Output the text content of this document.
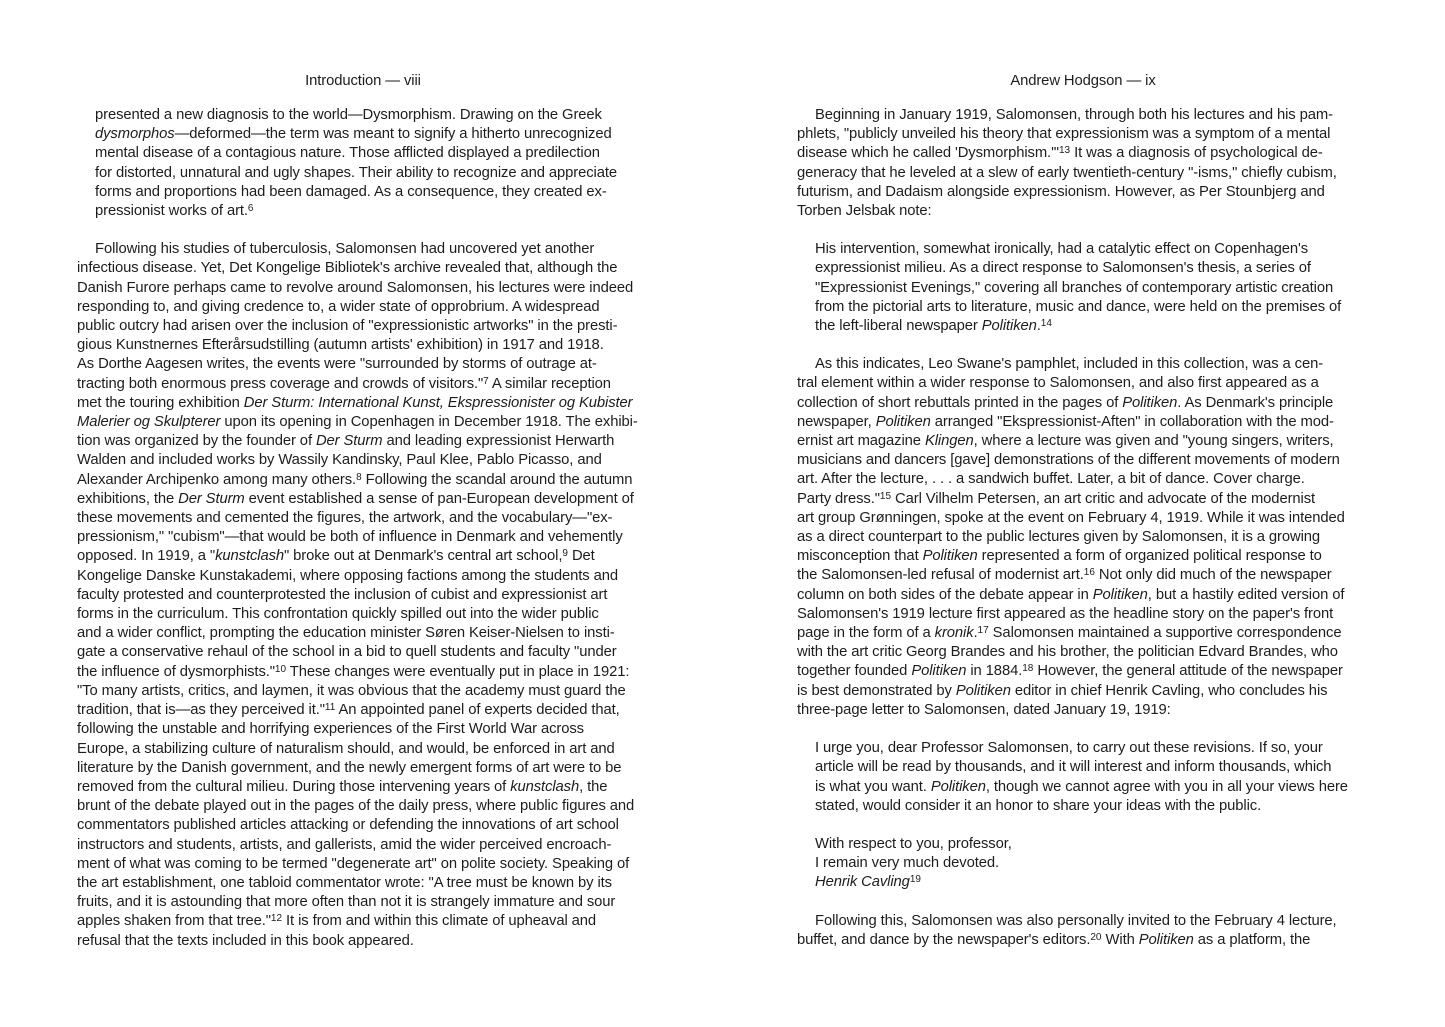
Introduction — viii	Andrew Hodgson — ix

presented a new diagnosis to the world—Dysmorphism. Drawing on the Greek
dysmorphos—deformed—the term was meant to signify a hitherto unrecognized
mental disease of a contagious nature. Those afflicted displayed a predilection
for distorted, unnatural and ugly shapes. Their ability to recognize and appreciate
forms and proportions had been damaged. As a consequence, they created ex-
pressionist works of art.$^6$

Following his studies of tuberculosis, Salomonsen had uncovered yet another
infectious disease. Yet, Det Kongelige Bibliotek's archive revealed that, although the
Danish Furore perhaps came to revolve around Salomonsen, his lectures were indeed
responding to, and giving credence to, a wider state of opprobrium. A widespread
public outcry had arisen over the inclusion of "expressionistic artworks" in the presti-
gious Kunstnernes Efterårsudstilling (autumn artists' exhibition) in 1917 and 1918.
As Dorthe Aagesen writes, the events were "surrounded by storms of outrage at-
tracting both enormous press coverage and crowds of visitors."$^7$ A similar reception
met the touring exhibition Der Sturm: International Kunst, Ekspressionister og Kubister
Malerier og Skulpterer upon its opening in Copenhagen in December 1918. The exhibi-
tion was organized by the founder of Der Sturm and leading expressionist Herwarth
Walden and included works by Wassily Kandinsky, Paul Klee, Pablo Picasso, and
Alexander Archipenko among many others.$^8$ Following the scandal around the autumn
exhibitions, the Der Sturm event established a sense of pan-European development of
these movements and cemented the figures, the artwork, and the vocabulary—"ex-
pressionism," "cubism"—that would be both of influence in Denmark and vehemently
opposed. In 1919, a "kunstclash" broke out at Denmark's central art school,$^9$ Det
Kongelige Danske Kunstakademi, where opposing factions among the students and
faculty protested and counterprotested the inclusion of cubist and expressionist art
forms in the curriculum. This confrontation quickly spilled out into the wider public
and a wider conflict, prompting the education minister Søren Keiser-Nielsen to insti-
gate a conservative rehaul of the school in a bid to quell students and faculty "under
the influence of dysmorphists."$^{10}$ These changes were eventually put in place in 1921:
"To many artists, critics, and laymen, it was obvious that the academy must guard the
tradition, that is—as they perceived it."$^{11}$ An appointed panel of experts decided that,
following the unstable and horrifying experiences of the First World War across
Europe, a stabilizing culture of naturalism should, and would, be enforced in art and
literature by the Danish government, and the newly emergent forms of art were to be
removed from the cultural milieu. During those intervening years of kunstclash, the
brunt of the debate played out in the pages of the daily press, where public figures and
commentators published articles attacking or defending the innovations of art school
instructors and students, artists, and gallerists, amid the wider perceived encroach-
ment of what was coming to be termed "degenerate art" on polite society. Speaking of
the art establishment, one tabloid commentator wrote: "A tree must be known by its
fruits, and it is astounding that more often than not it is strangely immature and sour
apples shaken from that tree."$^{12}$ It is from and within this climate of upheaval and
refusal that the texts included in this book appeared.

Beginning in January 1919, Salomonsen, through both his lectures and his pam-
phlets, "publicly unveiled his theory that expressionism was a symptom of a mental
disease which he called 'Dysmorphism.'"$^{13}$ It was a diagnosis of psychological de-
generacy that he leveled at a slew of early twentieth-century "-isms," chiefly cubism,
futurism, and Dadaism alongside expressionism. However, as Per Stounbjerg and
Torben Jelsbak note:

His intervention, somewhat ironically, had a catalytic effect on Copenhagen's
expressionist milieu. As a direct response to Salomonsen's thesis, a series of
"Expressionist Evenings," covering all branches of contemporary artistic creation
from the pictorial arts to literature, music and dance, were held on the premises of
the left-liberal newspaper Politiken.$^{14}$

As this indicates, Leo Swane's pamphlet, included in this collection, was a cen-
tral element within a wider response to Salomonsen, and also first appeared as a
collection of short rebuttals printed in the pages of Politiken. As Denmark's principle
newspaper, Politiken arranged "Ekspressionist-Aften" in collaboration with the mod-
ernist art magazine Klingen, where a lecture was given and "young singers, writers,
musicians and dancers [gave] demonstrations of the different movements of modern
art. After the lecture, . . . a sandwich buffet. Later, a bit of dance. Cover charge.
Party dress."$^{15}$ Carl Vilhelm Petersen, an art critic and advocate of the modernist
art group Grønningen, spoke at the event on February 4, 1919. While it was intended
as a direct counterpart to the public lectures given by Salomonsen, it is a growing
misconception that Politiken represented a form of organized political response to
the Salomonsen-led refusal of modernist art.$^{16}$ Not only did much of the newspaper
column on both sides of the debate appear in Politiken, but a hastily edited version of
Salomonsen's 1919 lecture first appeared as the headline story on the paper's front
page in the form of a kronik.$^{17}$ Salomonsen maintained a supportive correspondence
with the art critic Georg Brandes and his brother, the politician Edvard Brandes, who
together founded Politiken in 1884.18 However, the general attitude of the newspaper
is best demonstrated by Politiken editor in chief Henrik Cavling, who concludes his
three-page letter to Salomonsen, dated January 19, 1919:

I urge you, dear Professor Salomonsen, to carry out these revisions. If so, your
article will be read by thousands, and it will interest and inform thousands, which
is what you want. Politiken, though we cannot agree with you in all your views here
stated, would consider it an honor to share your ideas with the public.

With respect to you, professor,
I remain very much devoted.
Henrik Cavling$^{19}$

Following this, Salomonsen was also personally invited to the February 4 lecture,
buffet, and dance by the newspaper's editors.$^{20}$ With Politiken as a platform, the
